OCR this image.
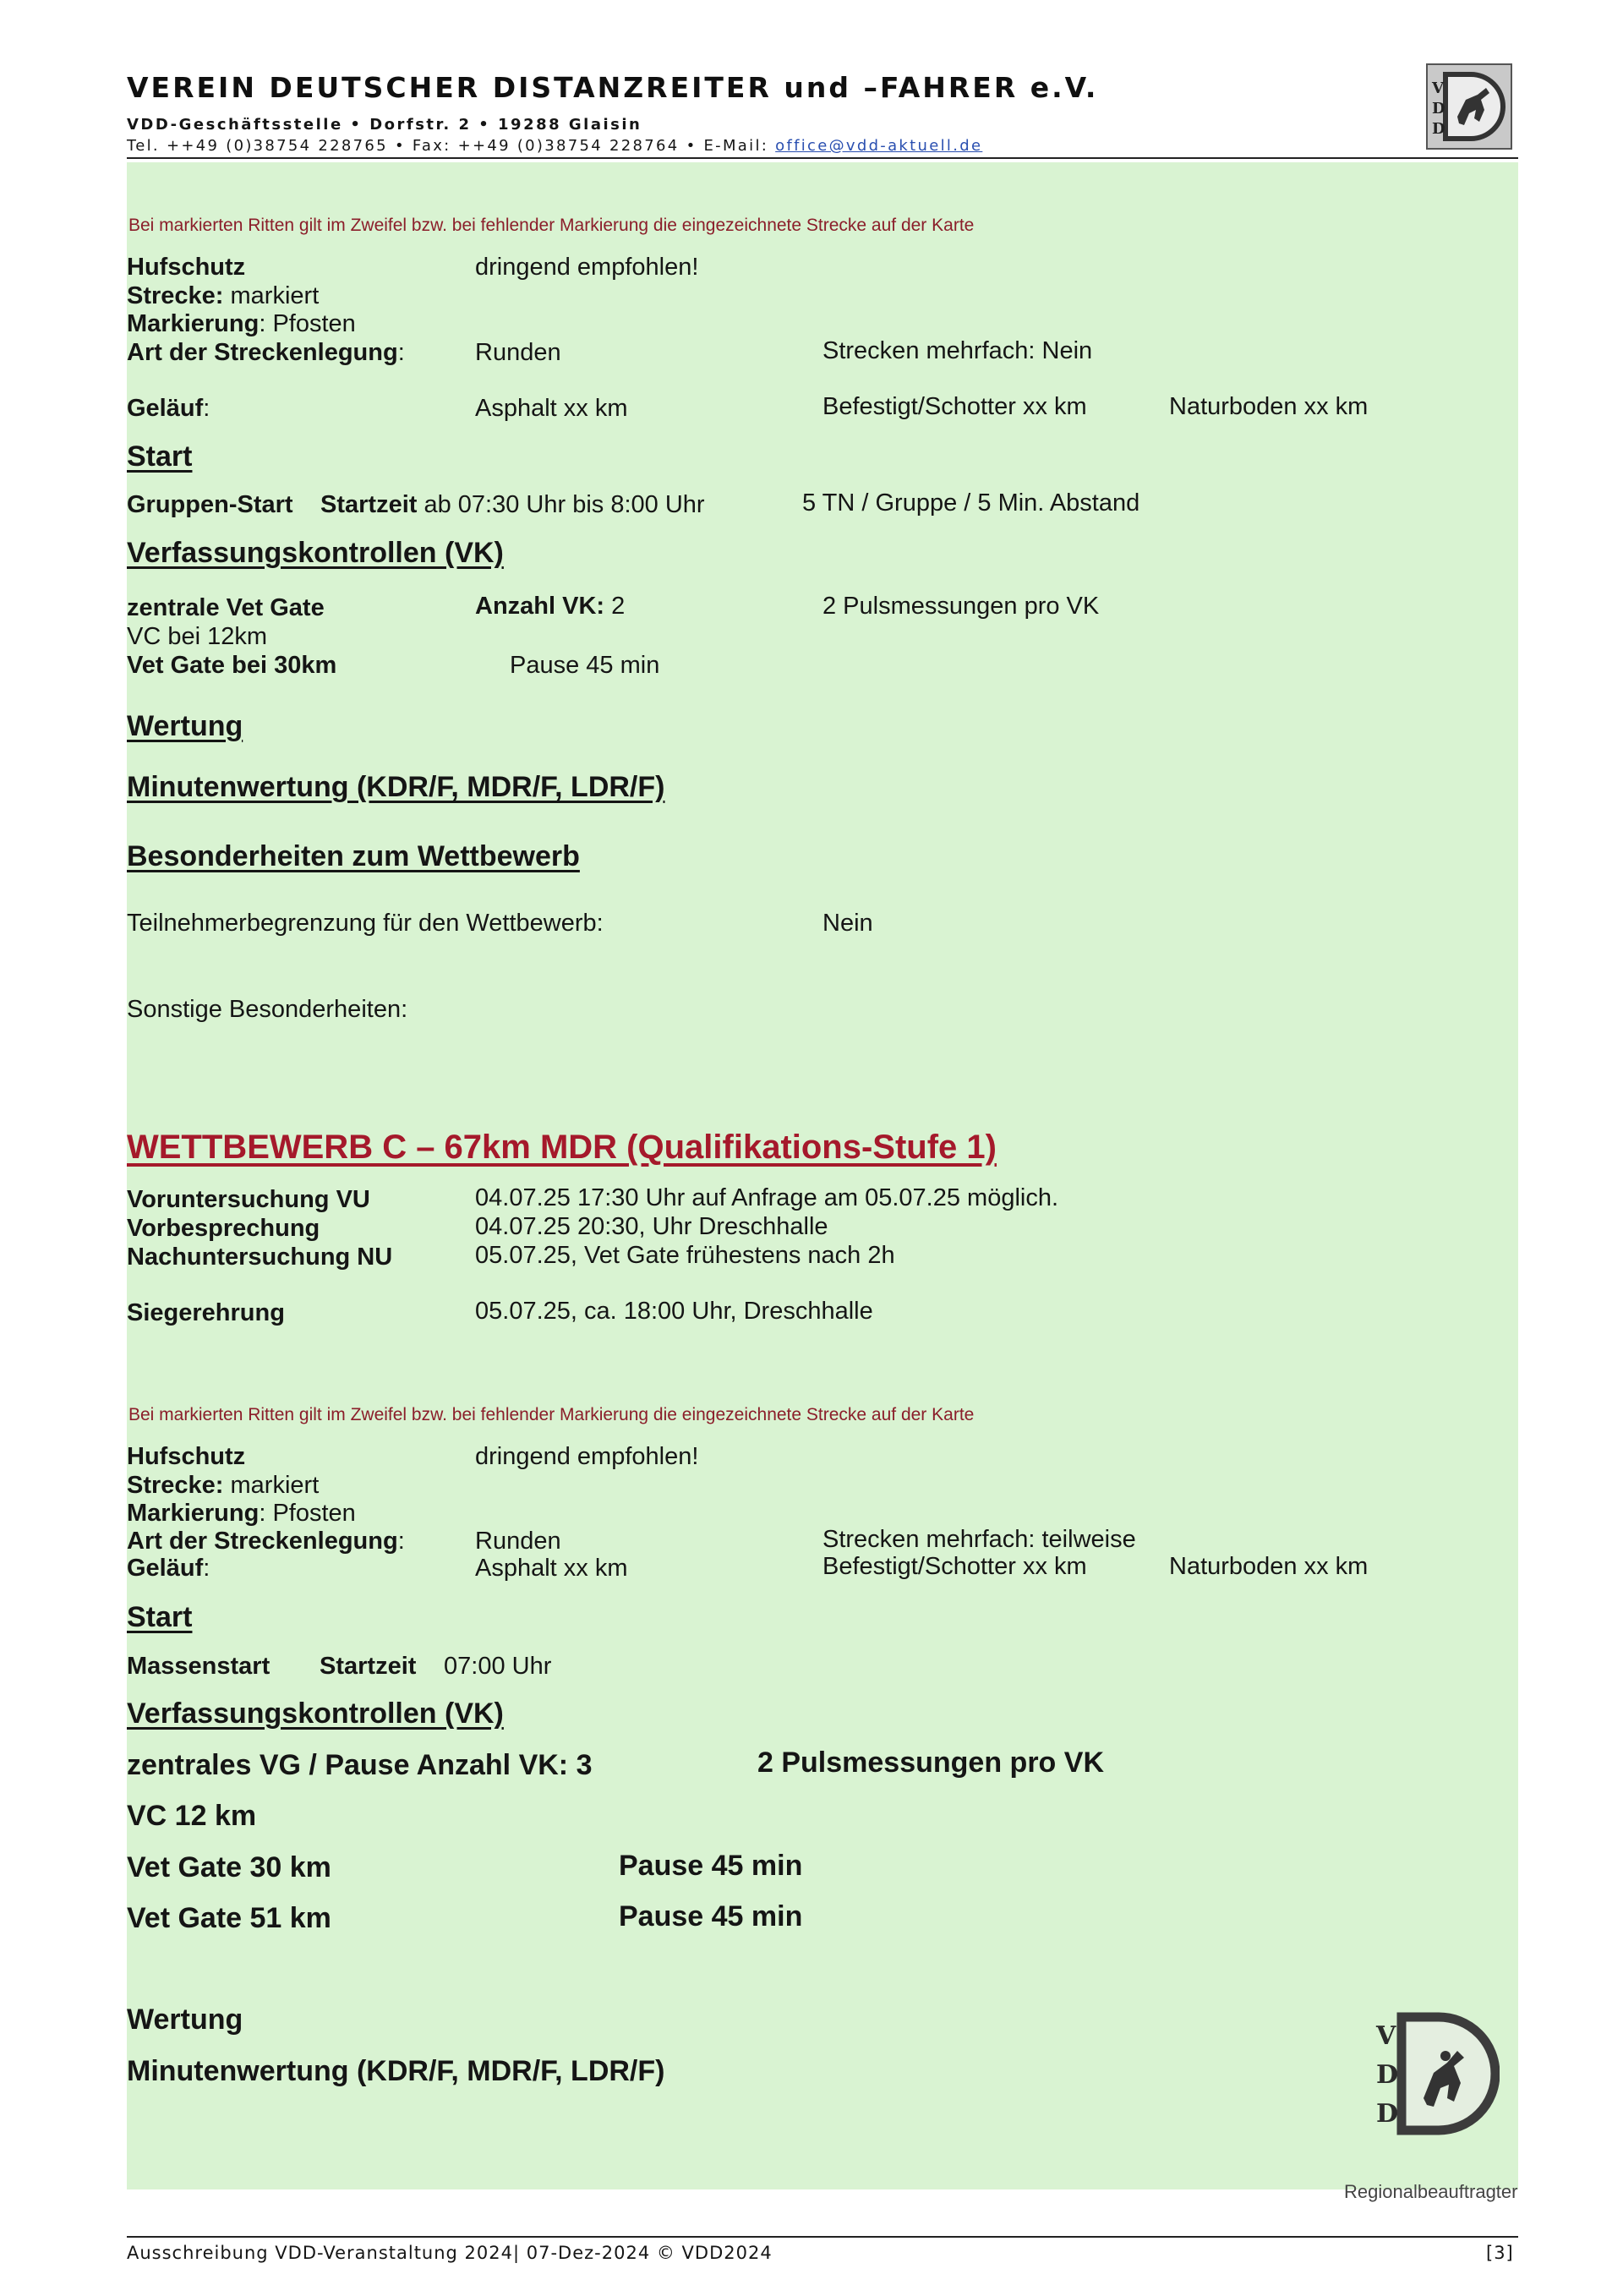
VEREIN DEUTSCHER DISTANZREITER und –FAHRER e.V.
VDD-Geschäftsstelle • Dorfstr. 2 • 19288 Glaisin
Tel. ++49 (0)38754 228765 • Fax: ++49 (0)38754 228764 • E-Mail: office@vdd-aktuell.de
V
D
D
Bei markierten Ritten gilt im Zweifel bzw. bei fehlender Markierung die eingezeichnete Strecke auf der Karte
Hufschutz	dringend empfohlen!
Strecke: markiert
Markierung: Pfosten
Art der Streckenlegung:	Runden	Strecken mehrfach: Nein
Geläuf:	Asphalt xx km	Befestigt/Schotter xx km	Naturboden xx km
Start
Gruppen-Start Startzeit ab 07:30 Uhr bis 8:00 Uhr	5 TN / Gruppe / 5 Min. Abstand
Verfassungskontrollen (VK)
zentrale Vet Gate	Anzahl VK: 2	2 Pulsmessungen pro VK
VC bei 12km
Vet Gate bei 30km	Pause 45 min
Wertung
Minutenwertung (KDR/F, MDR/F, LDR/F)
Besonderheiten zum Wettbewerb
Teilnehmerbegrenzung für den Wettbewerb:	Nein
Sonstige Besonderheiten:
WETTBEWERB C – 67km MDR (Qualifikations-Stufe 1)
Voruntersuchung VU	04.07.25 17:30 Uhr auf Anfrage am 05.07.25 möglich.
Vorbesprechung	04.07.25 20:30, Uhr Dreschhalle
Nachuntersuchung NU	05.07.25, Vet Gate frühestens nach 2h
Siegerehrung	05.07.25, ca. 18:00 Uhr, Dreschhalle
Bei markierten Ritten gilt im Zweifel bzw. bei fehlender Markierung die eingezeichnete Strecke auf der Karte
Hufschutz	dringend empfohlen!
Strecke: markiert
Markierung: Pfosten
Art der Streckenlegung:	Runden	Strecken mehrfach: teilweise
Geläuf:	Asphalt xx km	Befestigt/Schotter xx km	Naturboden xx km
Start
Massenstart Startzeit 07:00 Uhr
Verfassungskontrollen (VK)
zentrales VG / Pause Anzahl VK: 3	2 Pulsmessungen pro VK
VC 12 km
Vet Gate 30 km	Pause 45 min
Vet Gate 51 km	Pause 45 min
Wertung
Minutenwertung (KDR/F, MDR/F, LDR/F)
V
D
D
Regionalbeauftragter
Ausschreibung VDD-Veranstaltung 2024| 07-Dez-2024 © VDD2024	[3]
